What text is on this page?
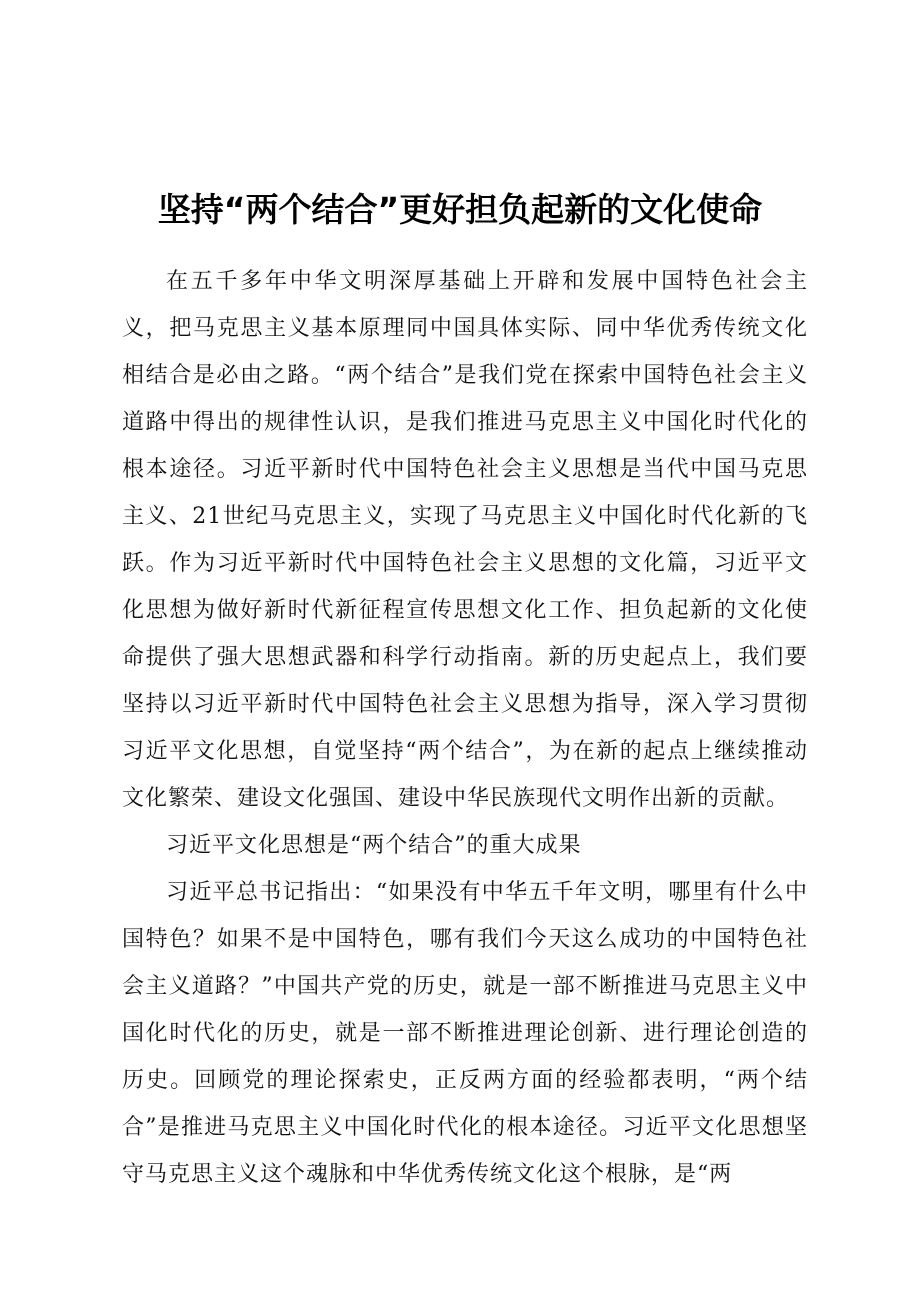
坚持“两个结合”更好担负起新的文化使命

在五千多年中华文明深厚基础上开辟和发展中国特色社会主义，把马克思主义基本原理同中国具体实际、同中华优秀传统文化相结合是必由之路。“两个结合”是我们党在探索中国特色社会主义道路中得出的规律性认识，是我们推进马克思主义中国化时代化的根本途径。习近平新时代中国特色社会主义思想是当代中国马克思主义、21世纪马克思主义，实现了马克思主义中国化时代化新的飞跃。作为习近平新时代中国特色社会主义思想的文化篇，习近平文化思想为做好新时代新征程宣传思想文化工作、担负起新的文化使命提供了强大思想武器和科学行动指南。新的历史起点上，我们要坚持以习近平新时代中国特色社会主义思想为指导，深入学习贯彻习近平文化思想，自觉坚持“两个结合”，为在新的起点上继续推动文化繁荣、建设文化强国、建设中华民族现代文明作出新的贡献。

习近平文化思想是“两个结合”的重大成果

习近平总书记指出：“如果没有中华五千年文明，哪里有什么中国特色？如果不是中国特色，哪有我们今天这么成功的中国特色社会主义道路？”中国共产党的历史，就是一部不断推进马克思主义中国化时代化的历史，就是一部不断推进理论创新、进行理论创造的历史。回顾党的理论探索史，正反两方面的经验都表明，“两个结合”是推进马克思主义中国化时代化的根本途径。习近平文化思想坚守马克思主义这个魂脉和中华优秀传统文化这个根脉，是“两
